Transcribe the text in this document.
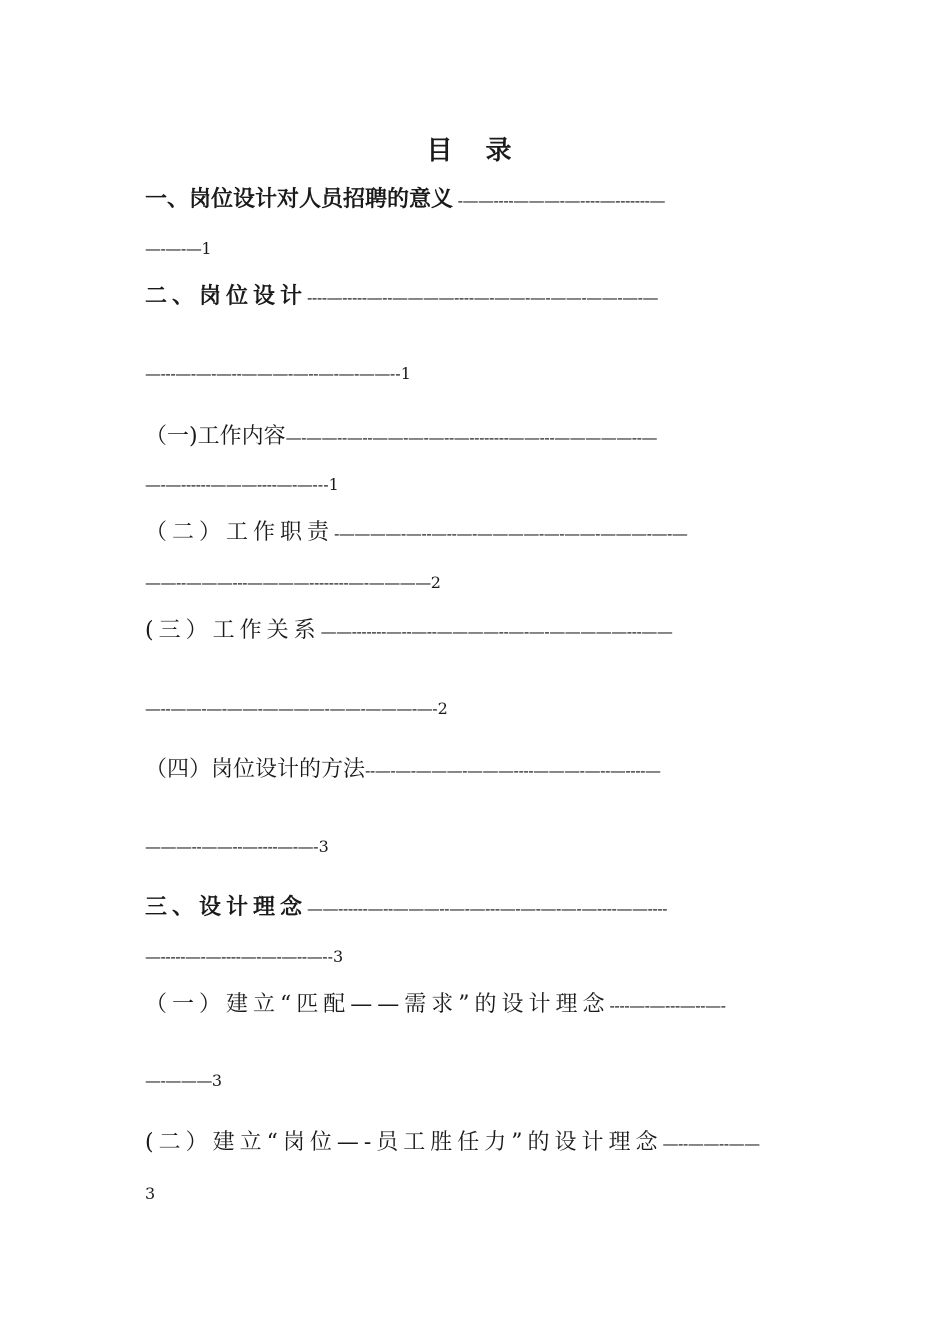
目 录
一、岗位设计对人员招聘的意义 -——----———-—----—-------—
—-—-—1
二、岗位设计----—-----—--————----—-——-—-——-——-—-—
—---—-—-—--———-—--—-—-——--1
（一)工作内容—-——--—--——-—-—--—--------——---—————--—
—-—------———----—-—---1
（二）工作职责-————-—--—--—-————-—-——-———-—-—
——--———---————--------—-————2
(三）工作关系——-------—--—--————--—-—-—————---——
—--——-—-——-————-——-———-—-2
（四）岗位设计的方法--—-—-———-———----———-—--—----—
———--——--—----—-—-3
三、设计理念——------—--———--—-—---—-—-—-—-—----——----
—-----—-—----—-—-—--—--3
（一）建立“匹配——需求”的设计理念----—-—---—--—-
—-———3
(二）建立“岗位—-员工胜任力”的设计理念—--——--——
3
